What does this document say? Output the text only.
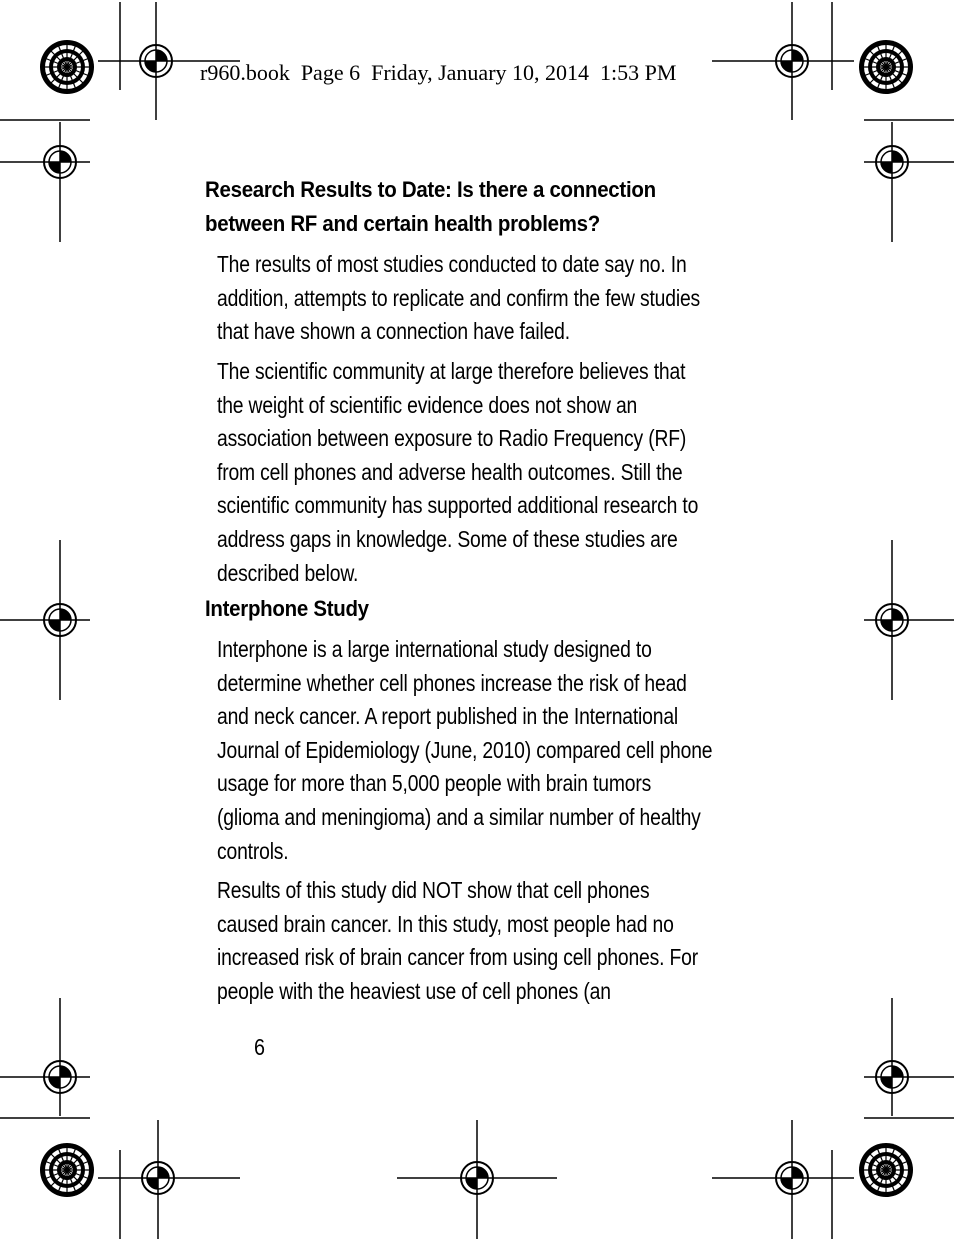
r960.book  Page 6  Friday, January 10, 2014  1:53 PM
Research Results to Date: Is there a connection between RF and certain health problems?
The results of most studies conducted to date say no. In addition, attempts to replicate and confirm the few studies that have shown a connection have failed.
The scientific community at large therefore believes that the weight of scientific evidence does not show an association between exposure to Radio Frequency (RF) from cell phones and adverse health outcomes. Still the scientific community has supported additional research to address gaps in knowledge. Some of these studies are described below.
Interphone Study
Interphone is a large international study designed to determine whether cell phones increase the risk of head and neck cancer. A report published in the International Journal of Epidemiology (June, 2010) compared cell phone usage for more than 5,000 people with brain tumors (glioma and meningioma) and a similar number of healthy controls.
Results of this study did NOT show that cell phones caused brain cancer. In this study, most people had no increased risk of brain cancer from using cell phones. For people with the heaviest use of cell phones (an
6
